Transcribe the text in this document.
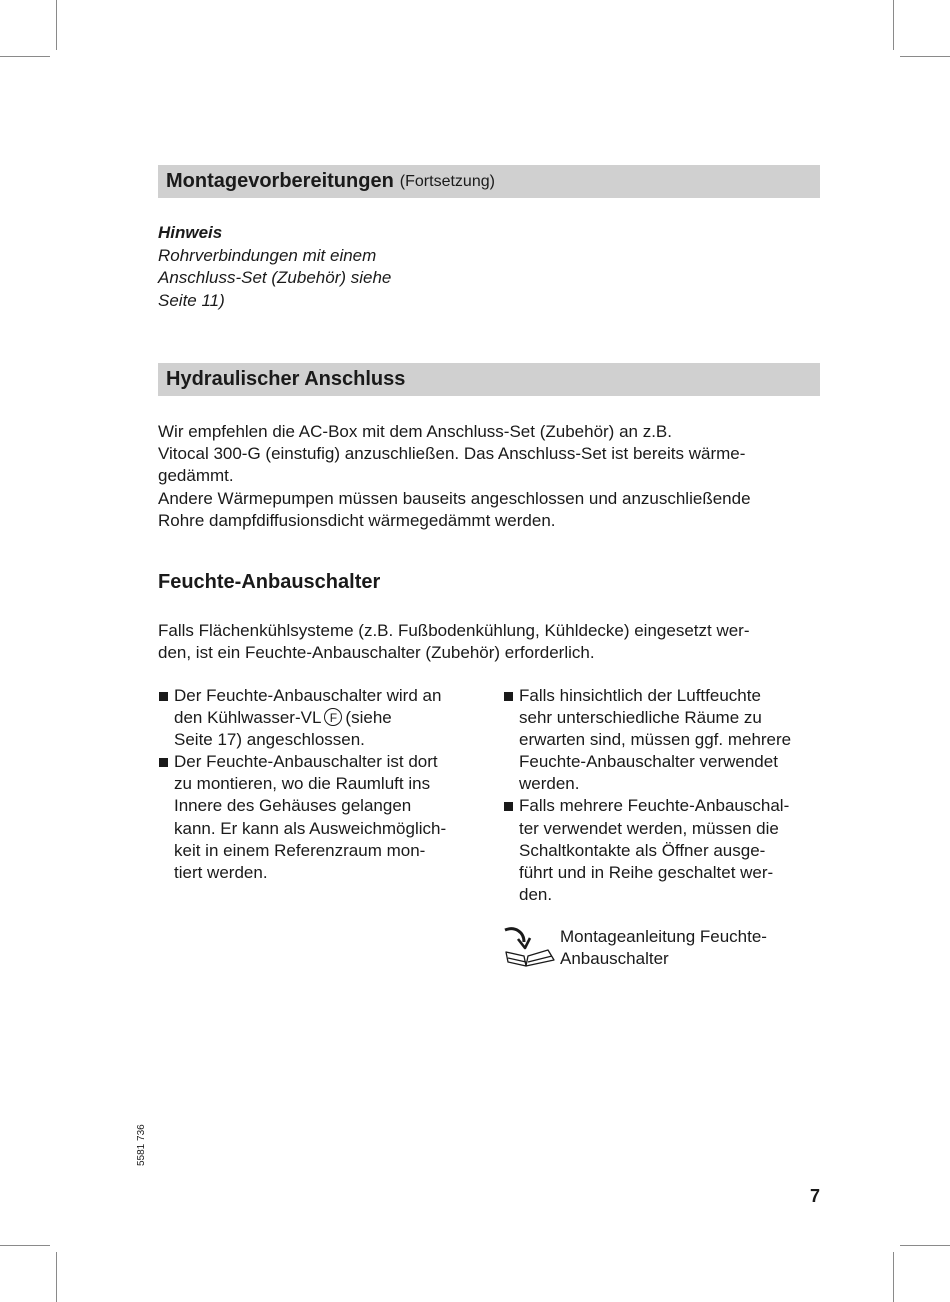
Montagevorbereitungen (Fortsetzung)
Hinweis
Rohrverbindungen mit einem
Anschluss-Set (Zubehör) siehe
Seite 11)
Hydraulischer Anschluss

Wir empfehlen die AC-Box mit dem Anschluss-Set (Zubehör) an z.B.

Vitocal 300-G (einstufig) anzuschließen. Das Anschluss-Set ist bereits wärme-

gedämmt.

Andere Wärmepumpen müssen bauseits angeschlossen und anzuschließende

Rohre dampfdiffusionsdicht wärmegedämmt werden.

Feuchte-Anbauschalter

Falls Flächenkühlsysteme (z.B. Fußbodenkühlung, Kühldecke) eingesetzt wer-

den, ist ein Feuchte-Anbauschalter (Zubehör) erforderlich.

Der Feuchte-Anbauschalter wird an
den Kühlwasser-VL F (siehe
Seite 17) angeschlossen.
Der Feuchte-Anbauschalter ist dort
zu montieren, wo die Raumluft ins
Innere des Gehäuses gelangen
kann. Er kann als Ausweichmöglich-
keit in einem Referenzraum mon-
tiert werden.
Falls hinsichtlich der Luftfeuchte
sehr unterschiedliche Räume zu
erwarten sind, müssen ggf. mehrere
Feuchte-Anbauschalter verwendet
werden.
Falls mehrere Feuchte-Anbauschal-
ter verwendet werden, müssen die
Schaltkontakte als Öffner ausge-
führt und in Reihe geschaltet wer-
den.
Montageanleitung Feuchte-
Anbauschalter
5581 736
7
